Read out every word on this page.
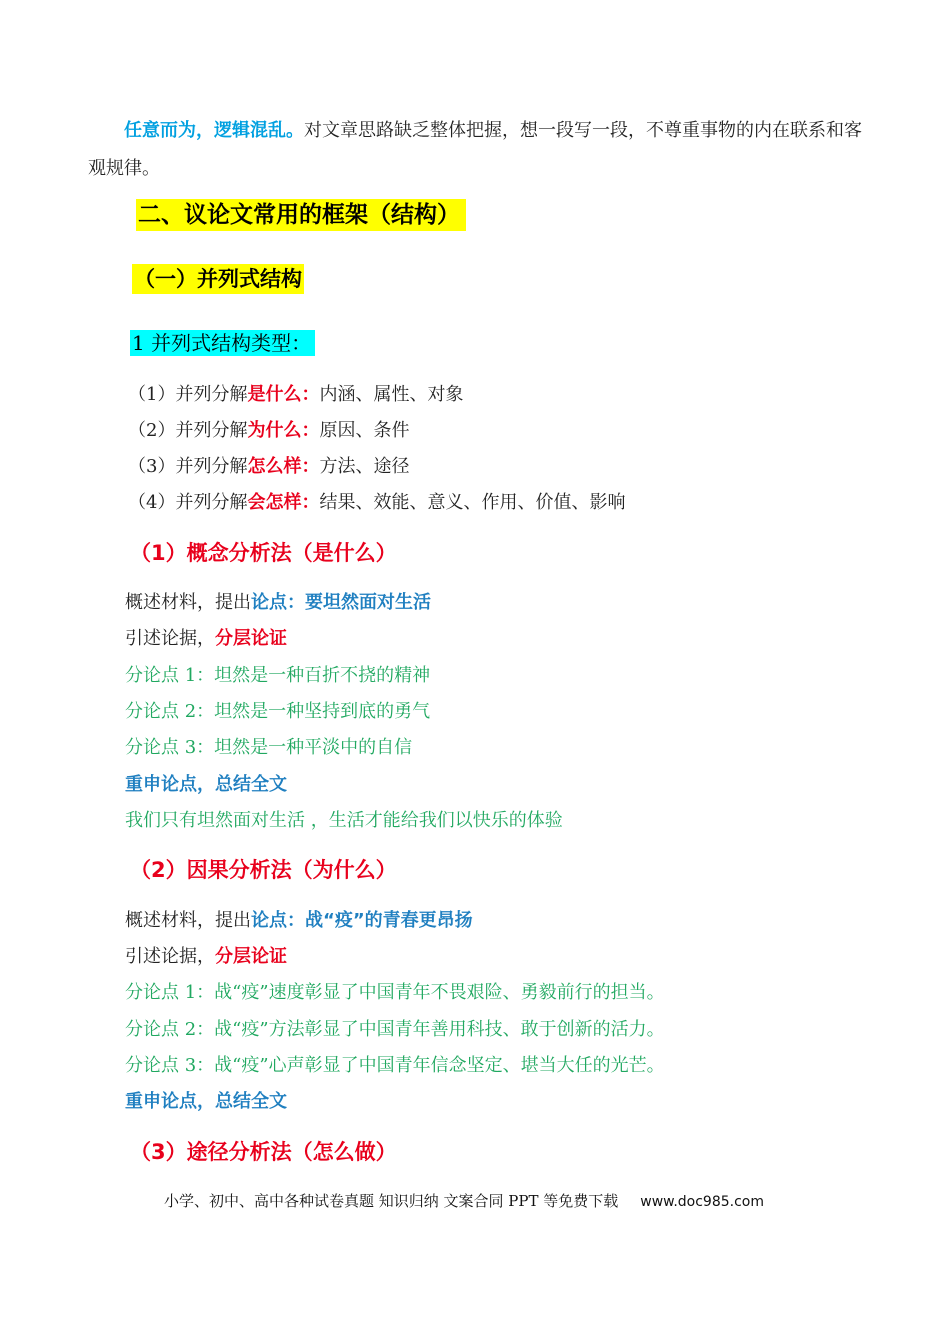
任意而为，逻辑混乱。对文章思路缺乏整体把握，想一段写一段，不尊重事物的内在联系和客观规律。
二、议论文常用的框架（结构）
（一）并列式结构
1 并列式结构类型：
（1）并列分解是什么：内涵、属性、对象
（2）并列分解为什么：原因、条件
（3）并列分解怎么样：方法、途径
（4）并列分解会怎样：结果、效能、意义、作用、价值、影响
（1）概念分析法（是什么）
概述材料，提出论点：要坦然面对生活
引述论据，分层论证
分论点 1：坦然是一种百折不挠的精神
分论点 2：坦然是一种坚持到底的勇气
分论点 3：坦然是一种平淡中的自信
重申论点，总结全文
我们只有坦然面对生活 ，生活才能给我们以快乐的体验
（2）因果分析法（为什么）
概述材料，提出论点：战“疫”的青春更昂扬
引述论据，分层论证
分论点 1：战“疫”速度彰显了中国青年不畏艰险、勇毅前行的担当。
分论点 2：战“疫”方法彰显了中国青年善用科技、敢于创新的活力。
分论点 3：战“疫”心声彰显了中国青年信念坚定、堪当大任的光芒。
重申论点，总结全文
（3）途径分析法（怎么做）
小学、初中、高中各种试卷真题 知识归纳 文案合同 PPT 等免费下载 www.doc985.com
